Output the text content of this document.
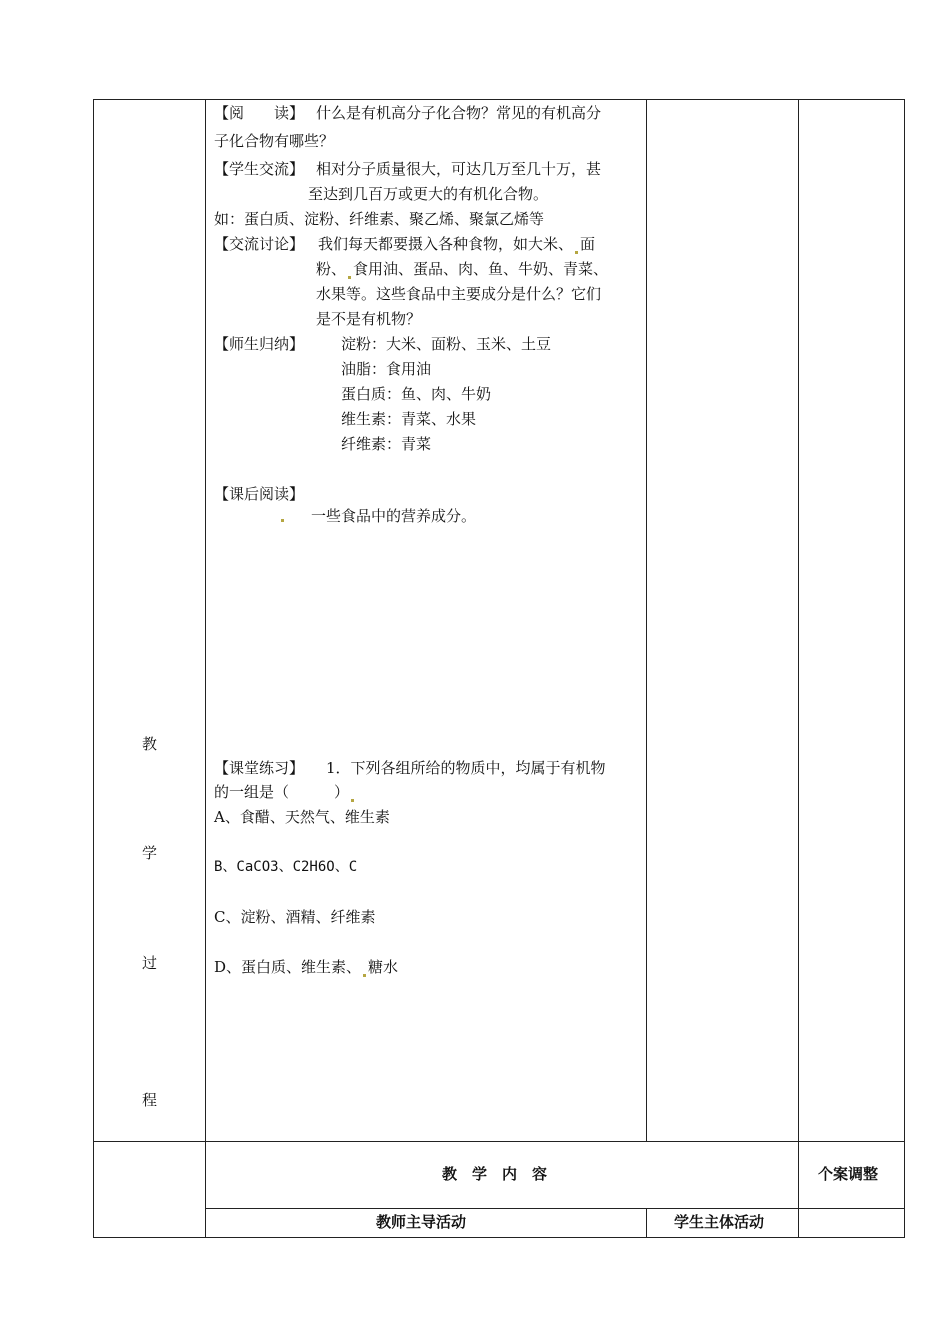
教
学
过
程
【阅　　读】 什么是有机高分子化合物？常见的有机高分
子化合物有哪些？
【学生交流】 相对分子质量很大，可达几万至几十万，甚
至达到几百万或更大的有机化合物。
如：蛋白质、淀粉、纤维素、聚乙烯、聚氯乙烯等
【交流讨论】 我们每天都要摄入各种食物，如大米、 面
粉、 食用油、蛋品、肉、鱼、牛奶、青菜、
水果等。这些食品中主要成分是什么？它们
是不是有机物？
【师生归纳】 淀粉：大米、面粉、玉米、土豆
油脂：食用油
蛋白质：鱼、肉、牛奶
维生素：青菜、水果
纤维素：青菜
【课后阅读】
一些食品中的营养成分。
【课堂练习】 1．下列各组所给的物质中，均属于有机物
的一组是（　　　）
A、食醋、天然气、维生素
B、CaCO3、C2H6O、C
C、淀粉、酒精、纤维素
D、蛋白质、维生素、 糖水
教　学　内　容	个案调整
教师主导活动	学生主体活动
